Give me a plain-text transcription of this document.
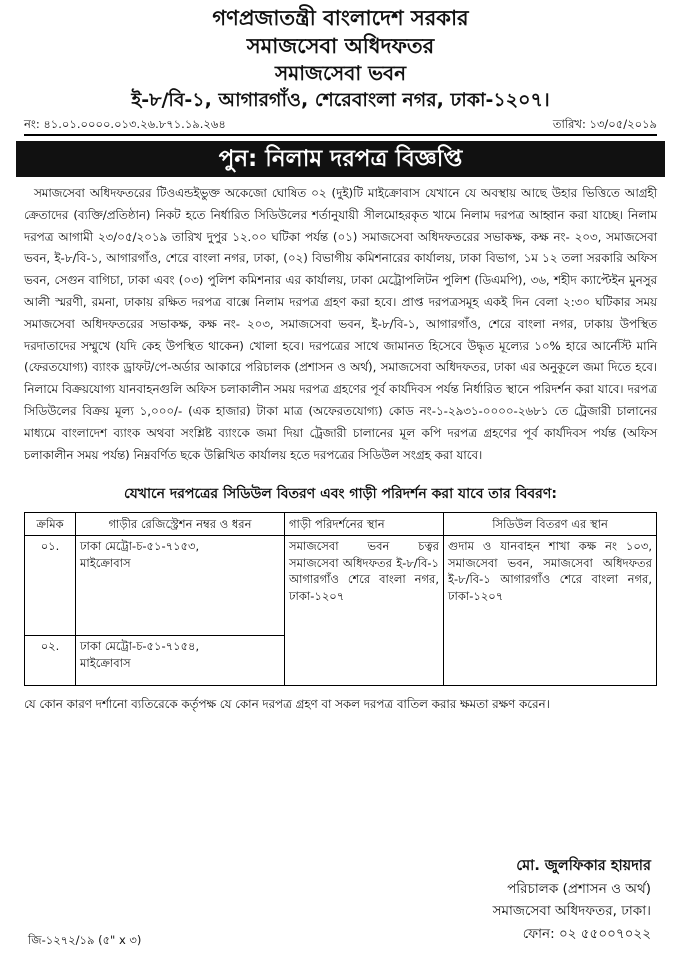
গণপ্রজাতন্ত্রী বাংলাদেশ সরকার
সমাজসেবা অধিদফতর
সমাজসেবা ভবন
ই-৮/বি-১, আগারগাঁও, শেরেবাংলা নগর, ঢাকা-১২০৭।
নং: ৪১.০১.০০০০.০১৩.২৬.৮৭১.১৯.২৬৪	তারিখ: ১৩/০৫/২০১৯
পুন: নিলাম দরপত্র বিজ্ঞপ্তি
সমাজসেবা অধিদফতরের টিওএন্ডইভুক্ত অকেজো ঘোষিত ০২ (দুই)টি মাইক্রোবাস যেখানে যে অবস্থায় আছে উহার ভিত্তিতে আগ্রহী ক্রেতাদের (ব্যক্তি/প্রতিষ্ঠান) নিকট হতে নির্ধারিত সিডিউলের শর্তানুযায়ী সীলমোহরকৃত খামে নিলাম দরপত্র আহ্বান করা যাচ্ছে। নিলাম দরপত্র আগামী ২৩/০৫/২০১৯ তারিখ দুপুর ১২.০০ ঘটিকা পর্যন্ত (০১) সমাজসেবা অধিদফতরের সভাকক্ষ, কক্ষ নং- ২০৩, সমাজসেবা ভবন, ই-৮/বি-১, আগারগাঁও, শেরে বাংলা নগর, ঢাকা, (০২) বিভাগীয় কমিশনারের কার্যালয়, ঢাকা বিভাগ, ১ম ১২ তলা সরকারি অফিস ভবন, সেগুন বাগিচা, ঢাকা এবং (০৩) পুলিশ কমিশনার এর কার্যালয়, ঢাকা মেট্রোপলিটন পুলিশ (ডিএমপি), ৩৬, শহীদ ক্যাপ্টেইন মুনসুর আলী স্মরণী, রমনা, ঢাকায় রক্ষিত দরপত্র বাক্সে নিলাম দরপত্র গ্রহণ করা হবে। প্রাপ্ত দরপত্রসমূহ একই দিন বেলা ২:৩০ ঘটিকার সময় সমাজসেবা অধিদফতরের সভাকক্ষ, কক্ষ নং- ২০৩, সমাজসেবা ভবন, ই-৮/বি-১, আগারগাঁও, শেরে বাংলা নগর, ঢাকায় উপস্থিত দরদাতাদের সম্মুখে (যদি কেহ উপস্থিত থাকেন) খোলা হবে। দরপত্রের সাথে জামানত হিসেবে উদ্ধৃত মূল্যের ১০% হারে আর্নেস্টি মানি (ফেরতযোগ্য) ব্যাংক ড্রাফট/পে-অর্ডার আকারে পরিচালক (প্রশাসন ও অর্থ), সমাজসেবা অধিদফতর, ঢাকা এর অনুকূলে জমা দিতে হবে। নিলামে বিক্রয়যোগ্য যানবাহনগুলি অফিস চলাকালীন সময় দরপত্র গ্রহণের পূর্ব কার্যদিবস পর্যন্ত নির্ধারিত স্থানে পরিদর্শন করা যাবে। দরপত্র সিডিউলের বিক্রয় মূল্য ১,০০০/- (এক হাজার) টাকা মাত্র (অফেরতযোগ্য) কোড নং-১-২৯৩১-০০০০-২৬৮১ তে ট্রেজারী চালানের মাধ্যমে বাংলাদেশ ব্যাংক অথবা সংশ্লিষ্ট ব্যাংকে জমা দিয়া ট্রেজারী চালানের মূল কপি দরপত্র গ্রহণের পূর্ব কার্যদিবস পর্যন্ত (অফিস চলাকালীন সময় পর্যন্ত) নিম্নবর্ণিত ছকে উল্লিখিত কার্যালয় হতে দরপত্রের সিডিউল সংগ্রহ করা যাবে।
যেখানে দরপত্রের সিডিউল বিতরণ এবং গাড়ী পরিদর্শন করা যাবে তার বিবরণ:
ক্রমিক	গাড়ীর রেজিস্ট্রেশন নম্বর ও ধরন	গাড়ী পরিদর্শনের স্থান	সিডিউল বিতরণ এর স্থান
০১.	ঢাকা মেট্রো-চ-৫১-৭১৫৩,
মাইক্রোবাস	সমাজসেবা ভবন চত্বর সমাজসেবা অধিদফতর ই-৮/বি-১ আগারগাঁও শেরে বাংলা নগর, ঢাকা-১২০৭	গুদাম ও যানবাহন শাখা কক্ষ নং ১০৩, সমাজসেবা ভবন, সমাজসেবা অধিদফতর ই-৮/বি-১ আগারগাঁও শেরে বাংলা নগর, ঢাকা-১২০৭
০২.	ঢাকা মেট্রো-চ-৫১-৭১৫৪,
মাইক্রোবাস		
যে কোন কারণ দর্শানো ব্যতিরেকে কর্তৃপক্ষ যে কোন দরপত্র গ্রহণ বা সকল দরপত্র বাতিল করার ক্ষমতা রক্ষণ করেন।
মো. জুলফিকার হায়দার
পরিচালক (প্রশাসন ও অর্থ)
সমাজসেবা অধিদফতর, ঢাকা।
ফোন: ০২ ৫৫০০৭০২২
জি-১২৭২/১৯ (৫" x ৩)
